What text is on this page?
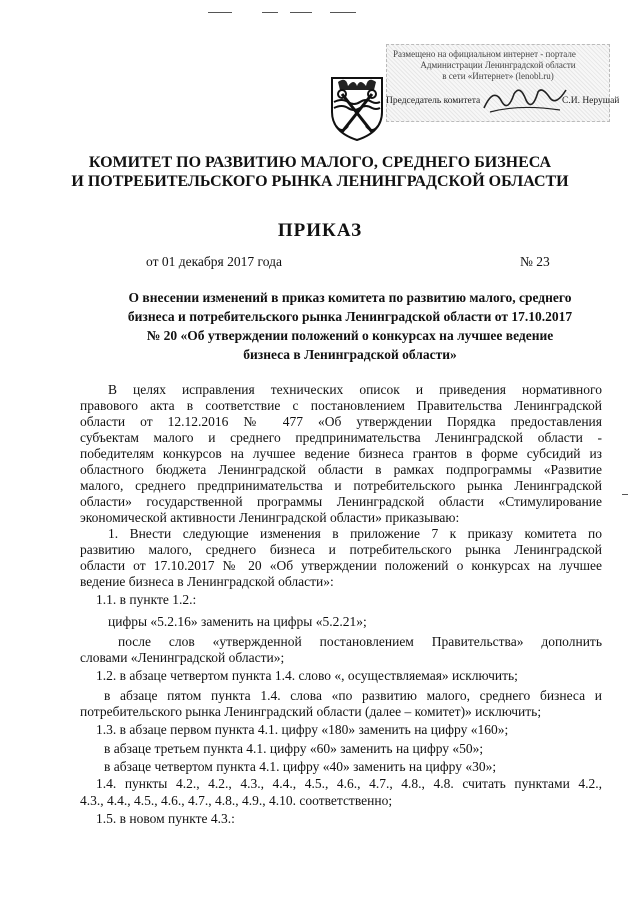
Размещено на официальном интернет - портале
Администрации Ленинградской области
в сети «Интернет» (lenobl.ru)
Председатель комитета	С.И. Нерушай
КОМИТЕТ ПО РАЗВИТИЮ МАЛОГО, СРЕДНЕГО БИЗНЕСА
И ПОТРЕБИТЕЛЬСКОГО РЫНКА ЛЕНИНГРАДСКОЙ ОБЛАСТИ
ПРИКАЗ
от 01 декабря 2017 года	№ 23
О внесении изменений в приказ комитета по развитию малого, среднего
бизнеса и потребительского рынка Ленинградской области от 17.10.2017
№ 20 «Об утверждении положений о конкурсах на лучшее ведение
бизнеса в Ленинградской области»
В целях исправления технических описок и приведения нормативного
правового акта в соответствие с постановлением Правительства Ленинградской
области от 12.12.2016 № 477 «Об утверждении Порядка предоставления
субъектам малого и среднего предпринимательства Ленинградской области -
победителям конкурсов на лучшее ведение бизнеса грантов в форме субсидий из
областного бюджета Ленинградской области в рамках подпрограммы «Развитие
малого, среднего предпринимательства и потребительского рынка Ленинградской
области» государственной программы Ленинградской области «Стимулирование
экономической активности Ленинградской области» приказываю:
1. Внести следующие изменения в приложение 7 к приказу комитета по
развитию малого, среднего бизнеса и потребительского рынка Ленинградской
области от 17.10.2017 № 20 «Об утверждении положений о конкурсах на лучшее
ведение бизнеса в Ленинградской области»:
1.1. в пункте 1.2.:
цифры «5.2.16» заменить на цифры «5.2.21»;
после слов «утвержденной постановлением Правительства» дополнить
словами «Ленинградской области»;
1.2. в абзаце четвертом пункта 1.4. слово «, осуществляемая» исключить;
в абзаце пятом пункта 1.4. слова «по развитию малого, среднего бизнеса и
потребительского рынка Ленинградский области (далее – комитет)» исключить;
1.3. в абзаце первом пункта 4.1. цифру «180» заменить на цифру «160»;
в абзаце третьем пункта 4.1. цифру «60» заменить на цифру «50»;
в абзаце четвертом пункта 4.1. цифру «40» заменить на цифру «30»;
1.4. пункты 4.2., 4.2., 4.3., 4.4., 4.5., 4.6., 4.7., 4.8., 4.8. считать пунктами 4.2.,
4.3., 4.4., 4.5., 4.6., 4.7., 4.8., 4.9., 4.10. соответственно;
1.5. в новом пункте 4.3.:
